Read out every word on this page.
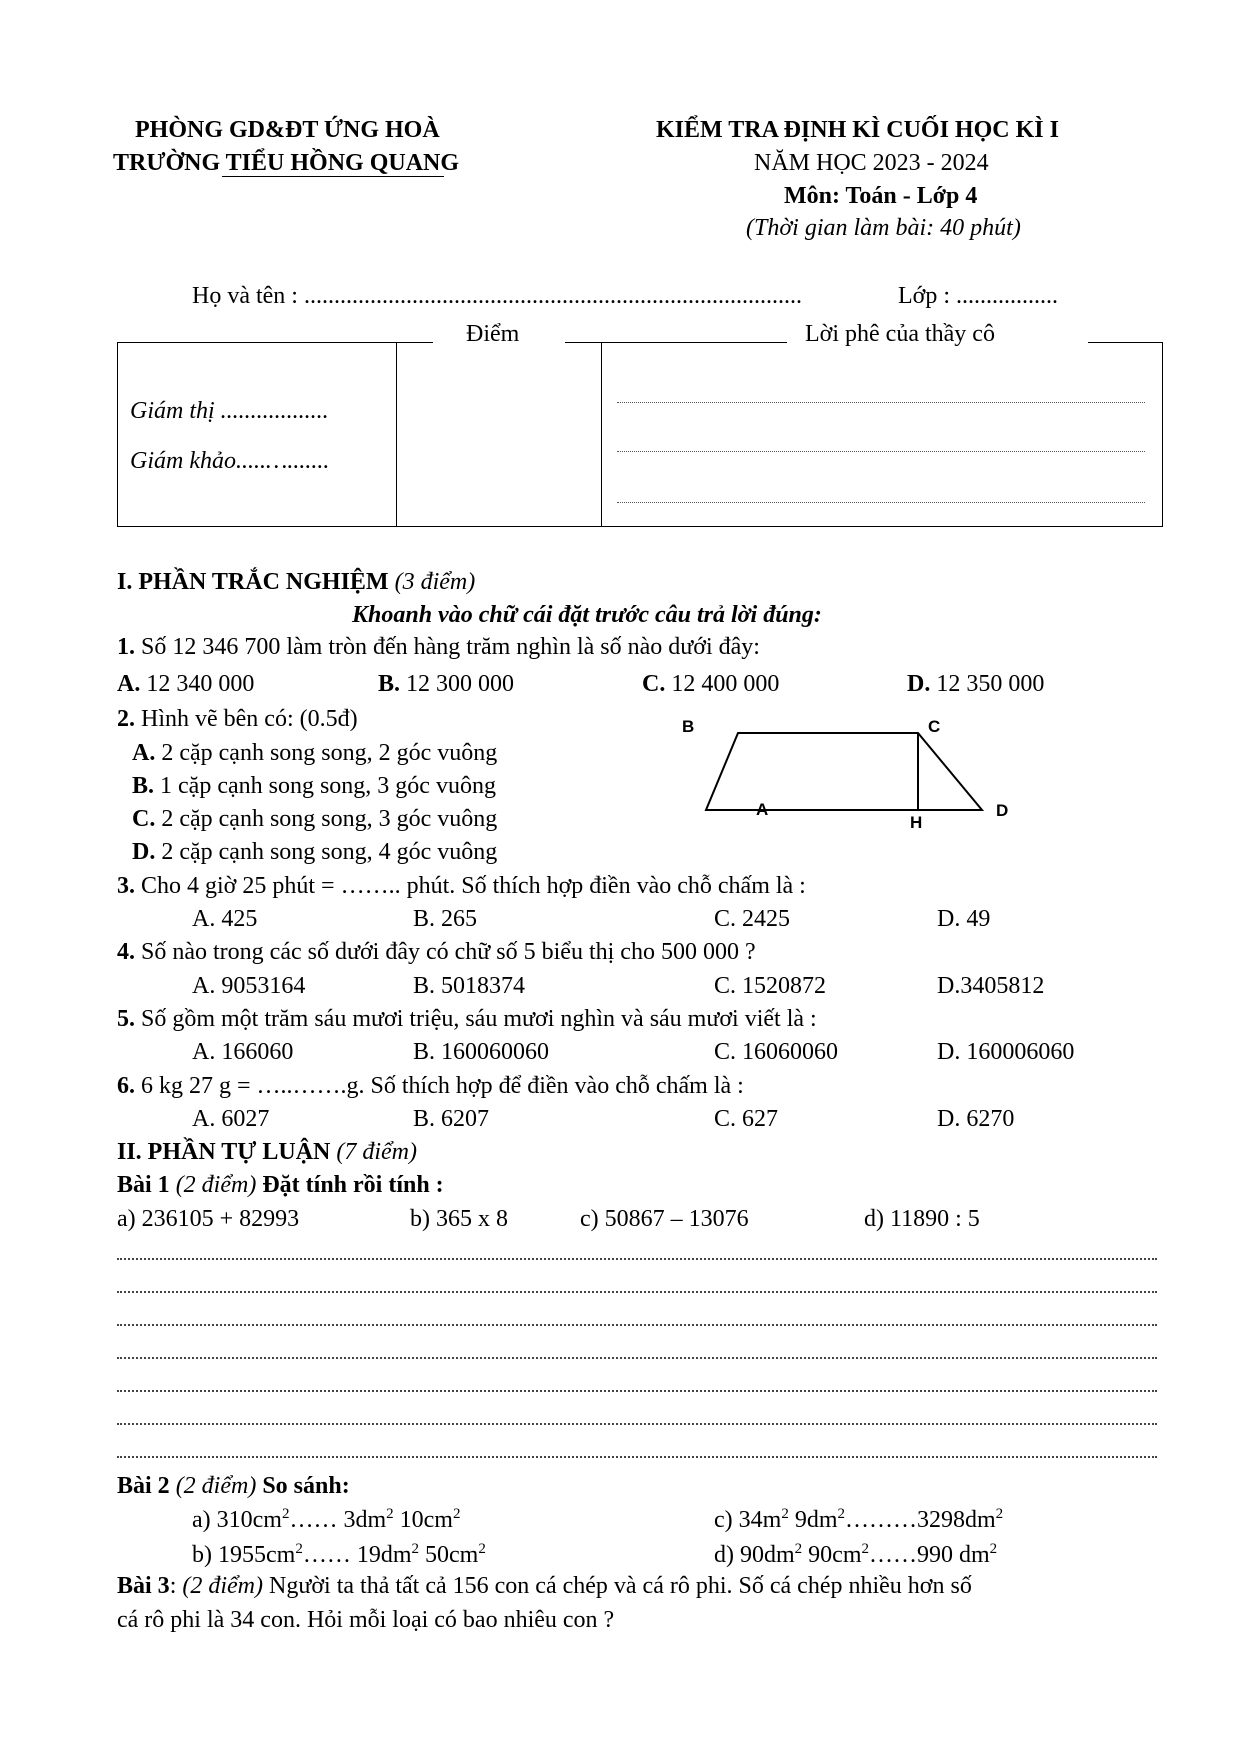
PHÒNG GD&ĐT ỨNG HOÀ
TRƯỜNG TIỂU HỒNG QUANG
KIỂM TRA ĐỊNH KÌ CUỐI HỌC KÌ I
NĂM HỌC 2023 - 2024
Môn: Toán - Lớp 4
(Thời gian làm bài: 40 phút)
Họ và tên : ...................................................................................	Lớp : .................
Điểm	Lời phê của thầy cô
Giám thị ..................
Giám khảo.....….......
I. PHẦN TRẮC NGHIỆM (3 điểm)
Khoanh vào chữ cái đặt trước câu trả lời đúng:
1. Số 12 346 700 làm tròn đến hàng trăm nghìn là số nào dưới đây:
A. 12 340 000	B. 12 300 000	C. 12 400 000	D. 12 350 000
2. Hình vẽ bên có: (0.5đ)
A. 2 cặp cạnh song song, 2 góc vuông
B. 1 cặp cạnh song song, 3 góc vuông
C. 2 cặp cạnh song song, 3 góc vuông
D. 2 cặp cạnh song song, 4 góc vuông
B	C
A
H
D
3. Cho 4 giờ 25 phút = …….. phút. Số thích hợp điền vào chỗ chấm là :
A. 425	B. 265	C. 2425	D. 49
4. Số nào trong các số dưới đây có chữ số 5 biểu thị cho 500 000 ?
A. 9053164	B. 5018374	C. 1520872	D.3405812
5. Số gồm một trăm sáu mươi triệu, sáu mươi nghìn và sáu mươi viết là :
A. 166060	B. 160060060	C. 16060060	D. 160006060
6. 6 kg 27 g = …..…….g. Số thích hợp để điền vào chỗ chấm là :
A. 6027	B. 6207	C. 627	D. 6270
II. PHẦN TỰ LUẬN (7 điểm)
Bài 1 (2 điểm) Đặt tính rồi tính :
a) 236105 + 82993	b) 365 x 8	c) 50867 – 13076	d) 11890 : 5
Bài 2 (2 điểm) So sánh:
a) $310cm^2\dots\dots$ $3dm^2$ $10cm^2$
b) $1955cm^2\dots\dots$ $19dm^2$ $50cm^2$
c) $34m^2$ $9dm^2\dots\dots\dots 3298dm^2$
d) $90dm^2$ $90cm^2\dots\dots 990$ $dm^2$
Bài 3: (2 điểm) Người ta thả tất cả 156 con cá chép và cá rô phi. Số cá chép nhiều hơn số
cá rô phi là 34 con. Hỏi mỗi loại có bao nhiêu con ?
